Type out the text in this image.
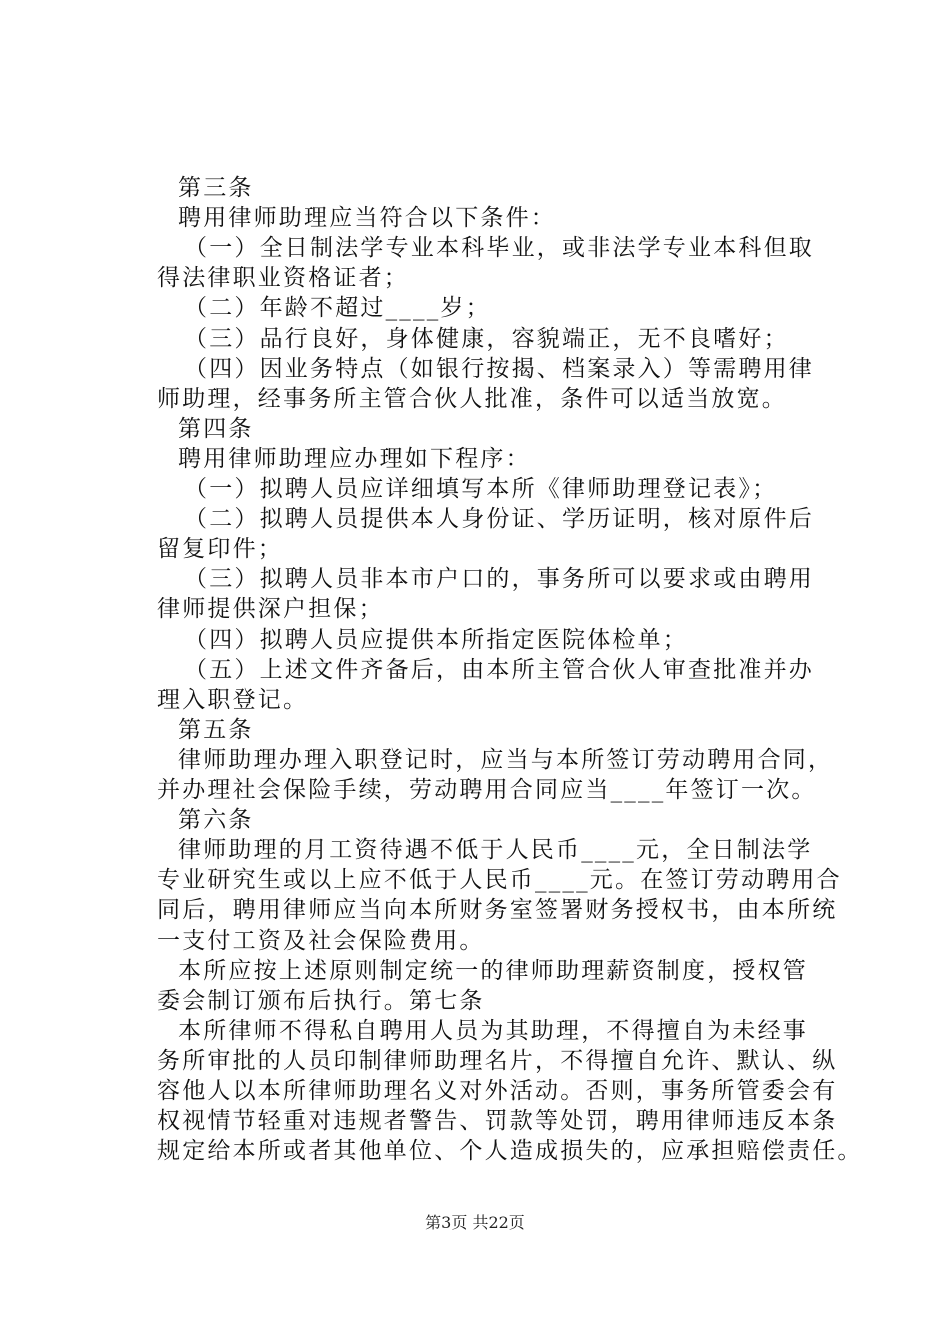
第三条
聘用律师助理应当符合以下条件：
（一）全日制法学专业本科毕业，或非法学专业本科但取
得法律职业资格证者；
（二）年龄不超过____岁；
（三）品行良好，身体健康，容貌端正，无不良嗜好；
（四）因业务特点（如银行按揭、档案录入）等需聘用律
师助理，经事务所主管合伙人批准，条件可以适当放宽。
第四条
聘用律师助理应办理如下程序：
（一）拟聘人员应详细填写本所《律师助理登记表》；
（二）拟聘人员提供本人身份证、学历证明，核对原件后
留复印件；
（三）拟聘人员非本市户口的，事务所可以要求或由聘用
律师提供深户担保；
（四）拟聘人员应提供本所指定医院体检单；
（五）上述文件齐备后，由本所主管合伙人审查批准并办
理入职登记。
第五条
律师助理办理入职登记时，应当与本所签订劳动聘用合同，
并办理社会保险手续，劳动聘用合同应当____年签订一次。
第六条
律师助理的月工资待遇不低于人民币____元，全日制法学
专业研究生或以上应不低于人民币____元。在签订劳动聘用合
同后，聘用律师应当向本所财务室签署财务授权书，由本所统
一支付工资及社会保险费用。
本所应按上述原则制定统一的律师助理薪资制度，授权管
委会制订颁布后执行。第七条
本所律师不得私自聘用人员为其助理，不得擅自为未经事
务所审批的人员印制律师助理名片，不得擅自允许、默认、纵
容他人以本所律师助理名义对外活动。否则，事务所管委会有
权视情节轻重对违规者警告、罚款等处罚，聘用律师违反本条
规定给本所或者其他单位、个人造成损失的，应承担赔偿责任。
第3页 共22页
